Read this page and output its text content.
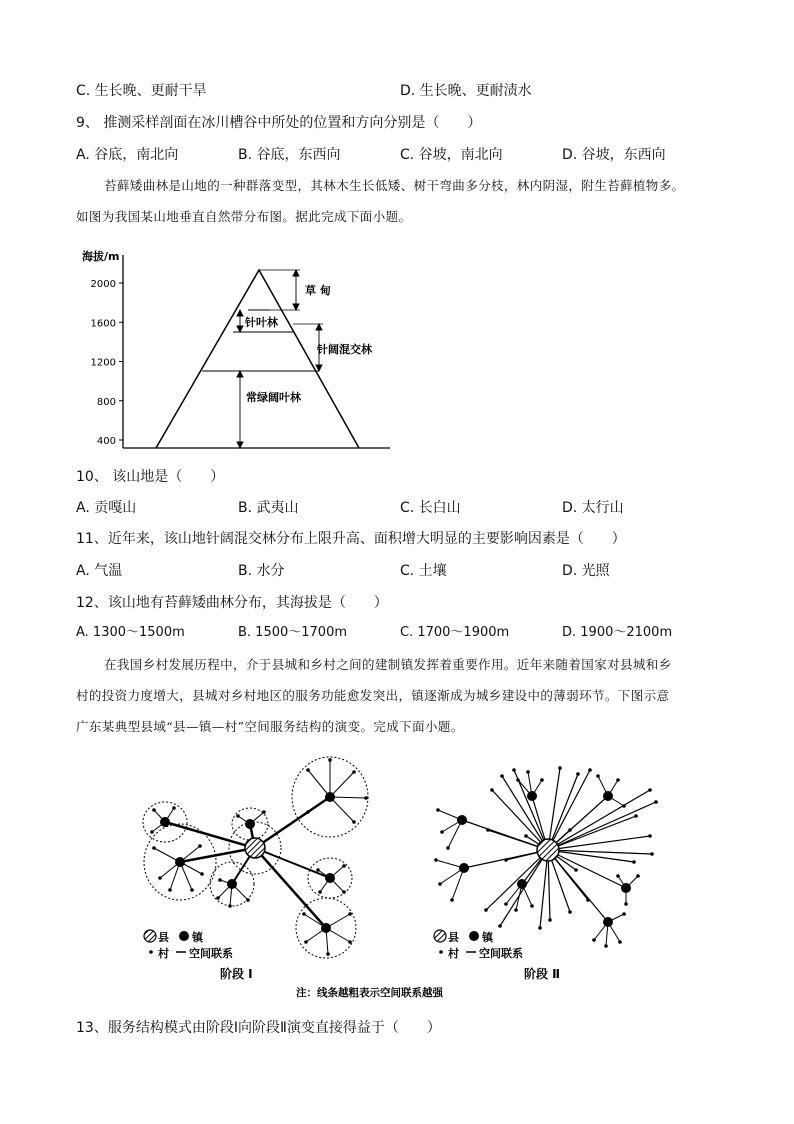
C. 生长晚、更耐干旱	D. 生长晚、更耐渍水
9、 推测采样剖面在冰川槽谷中所处的位置和方向分别是（　　）
A. 谷底，南北向	B. 谷底，东西向	C. 谷坡，南北向	D. 谷坡，东西向
苔藓矮曲林是山地的一种群落变型，其林木生长低矮、树干弯曲多分枝，林内阴湿，附生苔藓植物多。
如图为我国某山地垂直自然带分布图。据此完成下面小题。
海拔/m
400
800
1200
1600
2000	草 甸
针叶林
针阔混交林
常绿阔叶林
10、 该山地是（　　）
A. 贡嘎山	B. 武夷山	C. 长白山	D. 太行山
11、近年来，该山地针阔混交林分布上限升高、面积增大明显的主要影响因素是（　　）
A. 气温	B. 水分	C. 土壤	D. 光照
12、该山地有苔藓矮曲林分布，其海拔是（　　）
A. 1300～1500m	B. 1500～1700m	C. 1700～1900m	D. 1900～2100m
在我国乡村发展历程中，介于县城和乡村之间的建制镇发挥着重要作用。近年来随着国家对县城和乡
村的投资力度增大，县城对乡村地区的服务功能愈发突出，镇逐渐成为城乡建设中的薄弱环节。下图示意
广东某典型县域“县—镇—村”空间服务结构的演变。完成下面小题。
县 镇
村 空间联系
县 镇
村 空间联系
阶段 Ⅰ	阶段 Ⅱ
注：线条越粗表示空间联系越强
13、服务结构模式由阶段Ⅰ向阶段Ⅱ演变直接得益于（　　）
